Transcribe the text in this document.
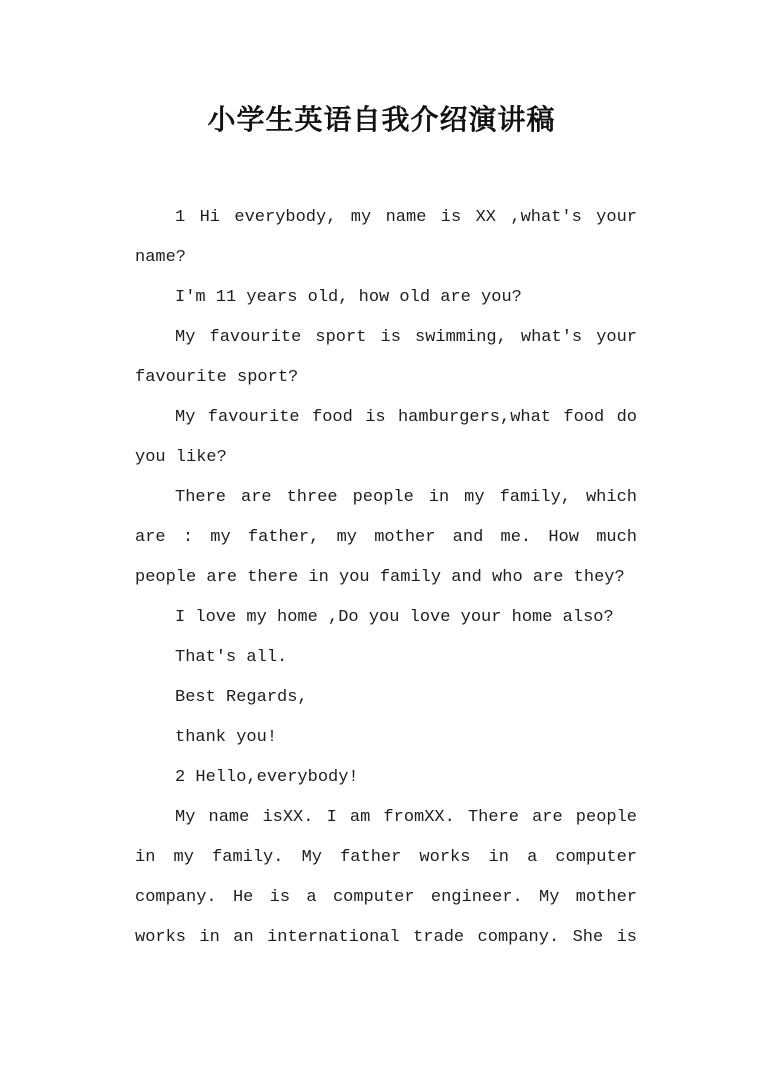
小学生英语自我介绍演讲稿
1 Hi everybody, my name is XX ,what's your
name?
I'm 11 years old, how old are you?
My favourite sport is swimming, what's your
favourite sport?
My favourite food is hamburgers,what food do
you like?
There are three people in my family, which
are : my father, my mother and me. How much
people are there in you family and who are they?
I love my home ,Do you love your home also?
That's all.
Best Regards,
thank you!
2 Hello,everybody!
My name isXX. I am fromXX. There are people
in my family. My father works in a computer
company. He is a computer engineer. My mother
works in an international trade company. She is
